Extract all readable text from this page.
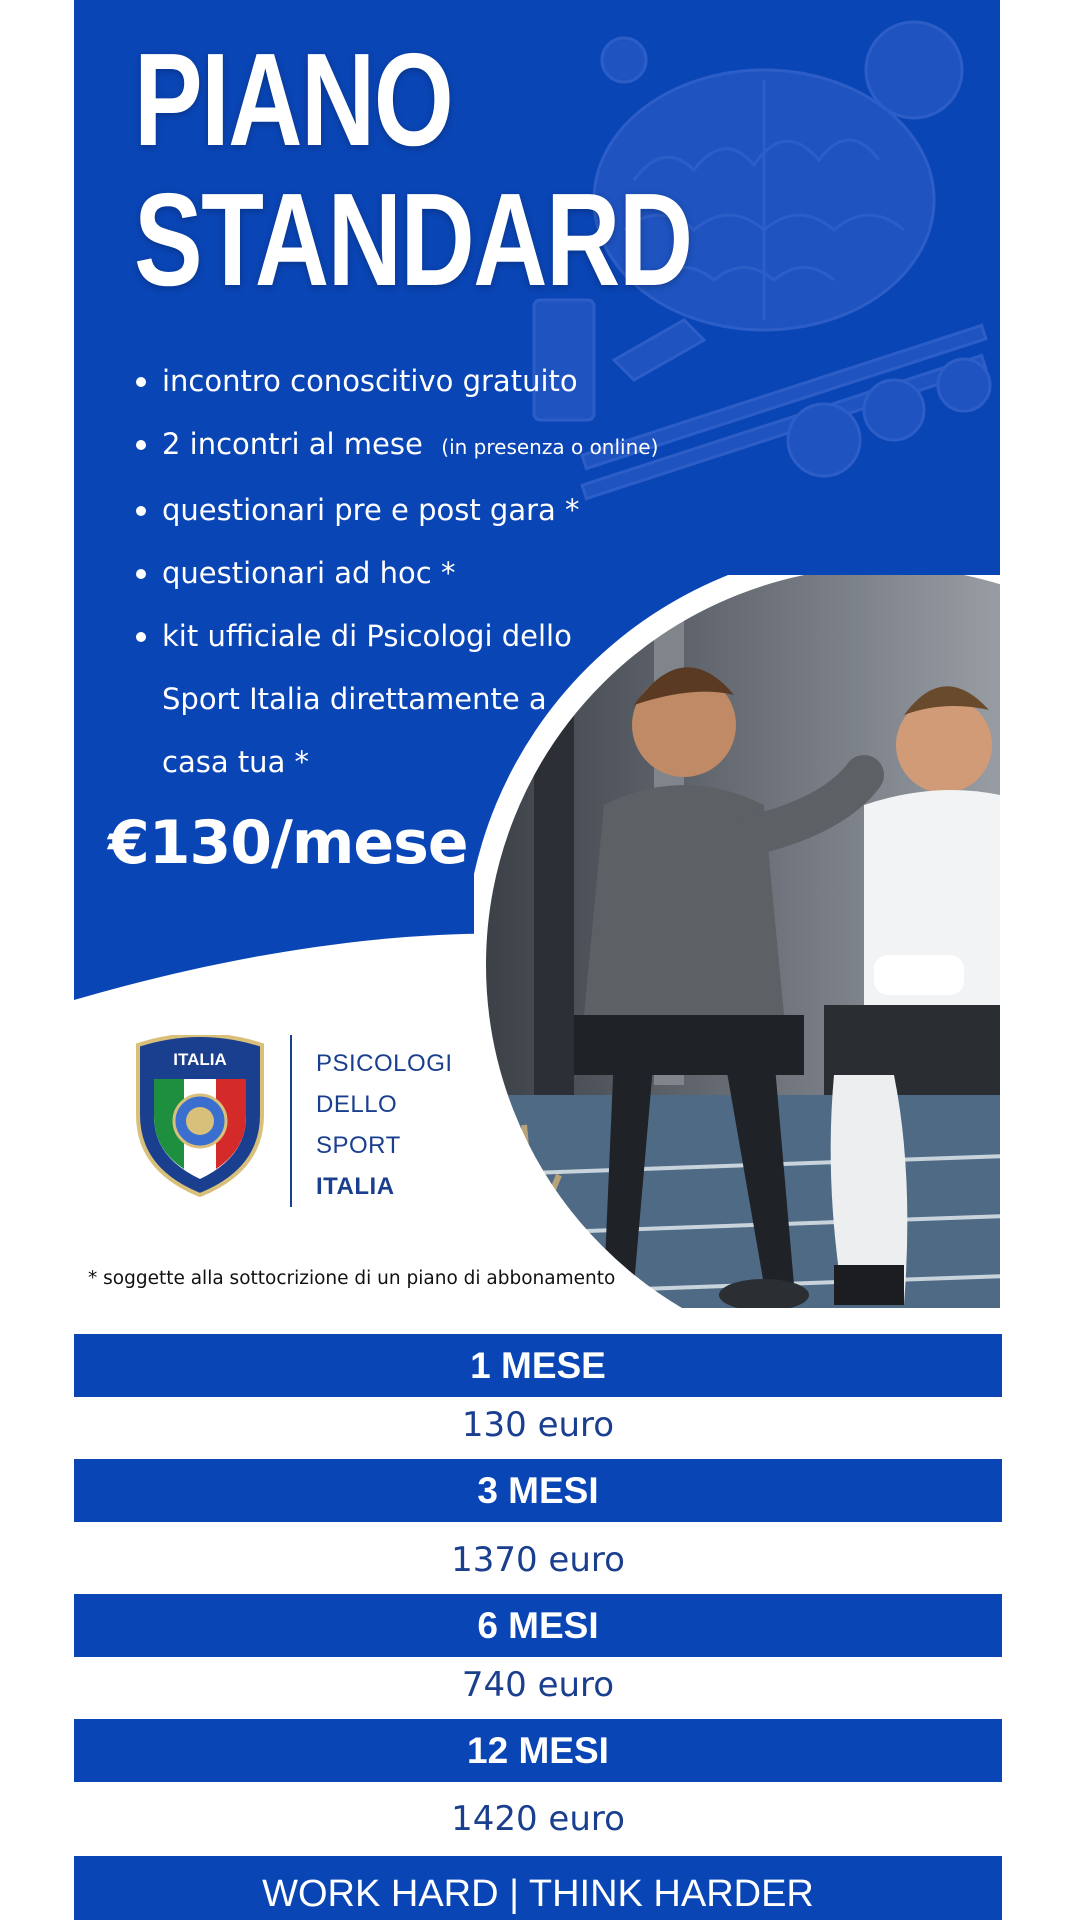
PIANO
STANDARD
incontro conoscitivo gratuito
2 incontri al mese (in presenza o online)
questionari pre e post gara *
questionari ad hoc *
kit ufficiale di Psicologi dello
Sport Italia direttamente a
casa tua *
€130/mese
ITALIA	PSICOLOGI
DELLO
SPORT
ITALIA
* soggette alla sottocrizione di un piano di abbonamento
1 MESE
130 euro
3 MESI
1370 euro
6 MESI
740 euro
12 MESI
1420 euro
WORK HARD | THINK HARDER
